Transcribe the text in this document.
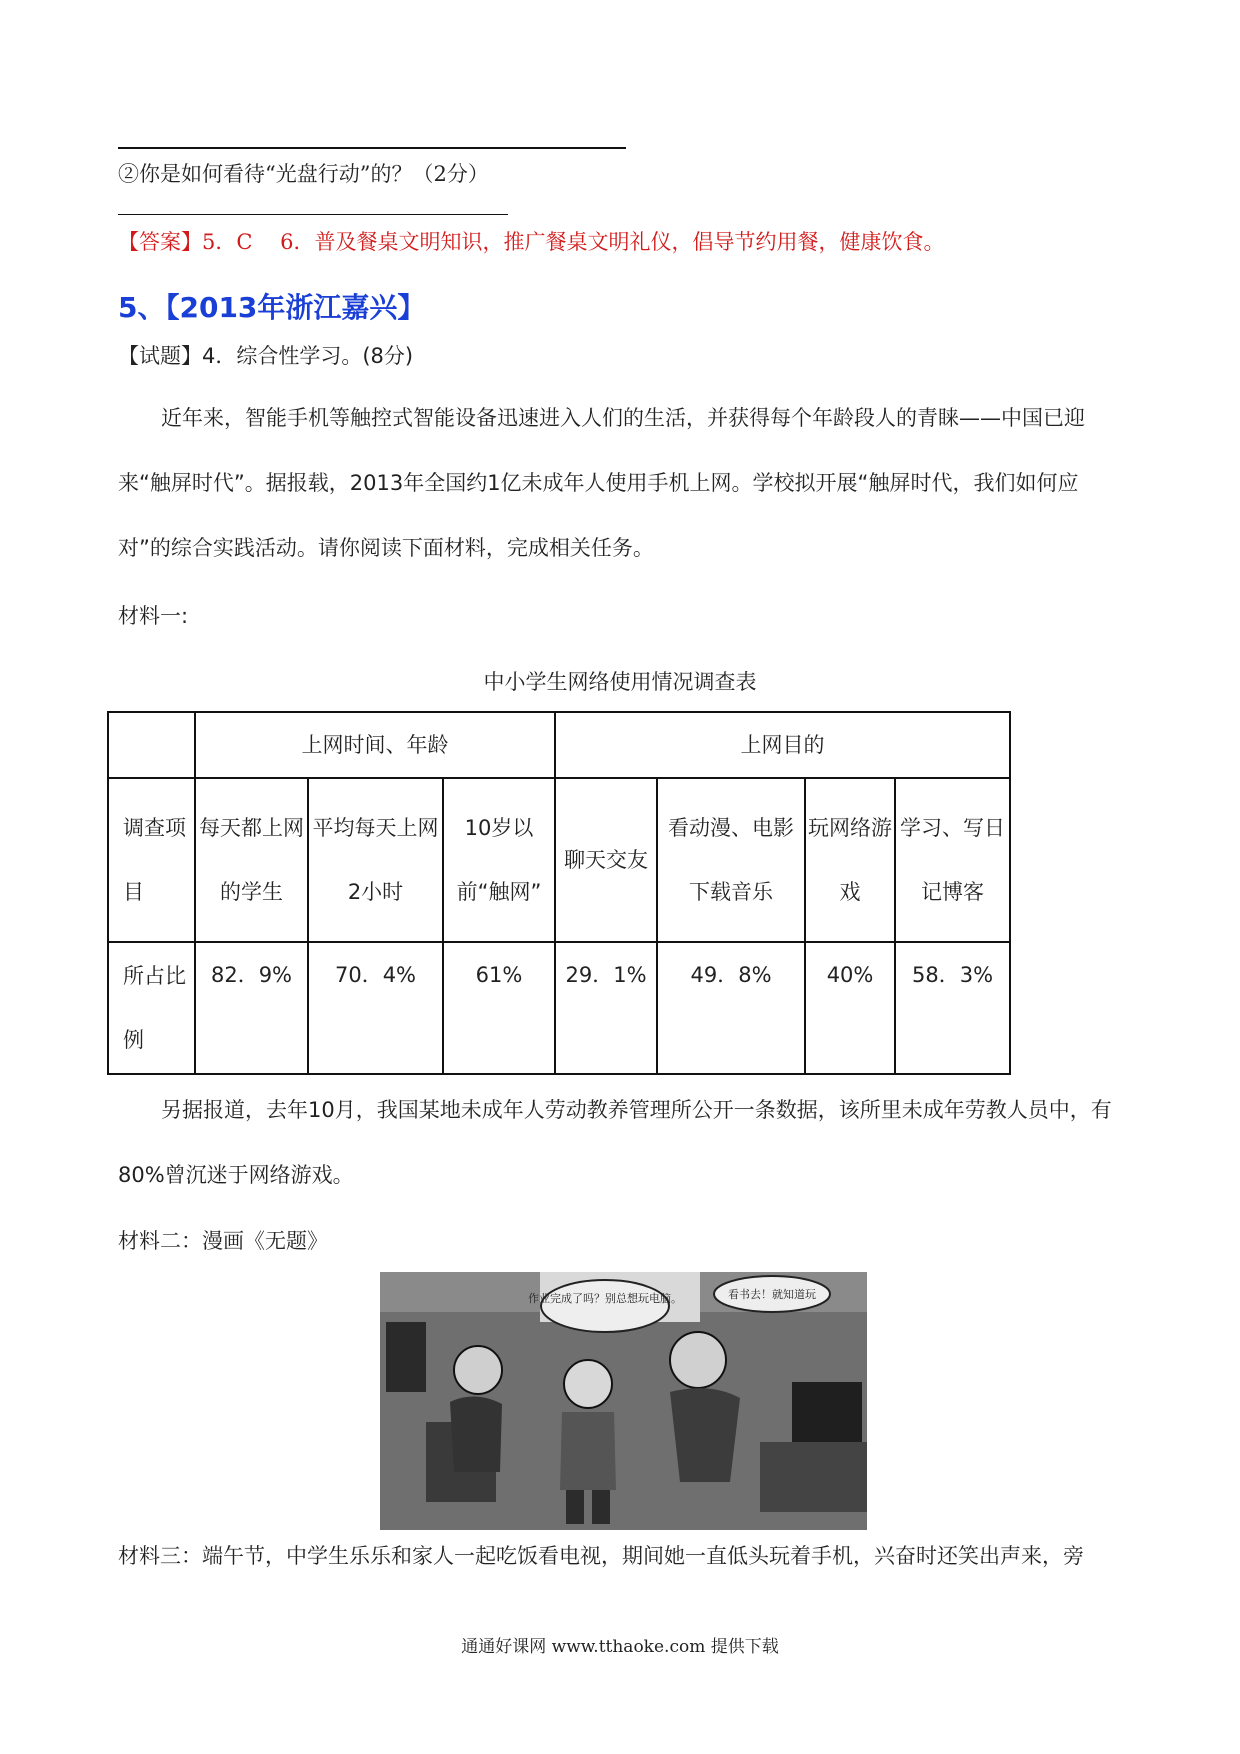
②你是如何看待“光盘行动”的？（2分）
【答案】5．C　 6．普及餐桌文明知识，推广餐桌文明礼仪，倡导节约用餐，健康饮食。
5、【2013年浙江嘉兴】
【试题】4．综合性学习。(8分)
近年来，智能手机等触控式智能设备迅速进入人们的生活，并获得每个年龄段人的青睐——中国已迎来“触屏时代”。据报载，2013年全国约1亿未成年人使用手机上网。学校拟开展“触屏时代，我们如何应对”的综合实践活动。请你阅读下面材料，完成相关任务。
材料一:
中小学生网络使用情况调查表
	上网时间、年龄			上网目的			
调查项目	每天都上网的学生	平均每天上网2小时	10岁以前“触网”	聊天交友	看动漫、电影下载音乐	玩网络游戏	学习、写日记博客
所占比例	82．9%	70．4%	61%	29．1%	49．8%	40%	58．3%
另据报道，去年10月，我国某地未成年人劳动教养管理所公开一条数据，该所里未成年劳教人员中，有80%曾沉迷于网络游戏。
材料二：漫画《无题》
作业完成了吗？别总想玩电脑。	看书去！就知道玩
材料三：端午节，中学生乐乐和家人一起吃饭看电视，期间她一直低头玩着手机，兴奋时还笑出声来，旁
通通好课网 www.tthaoke.com 提供下载
